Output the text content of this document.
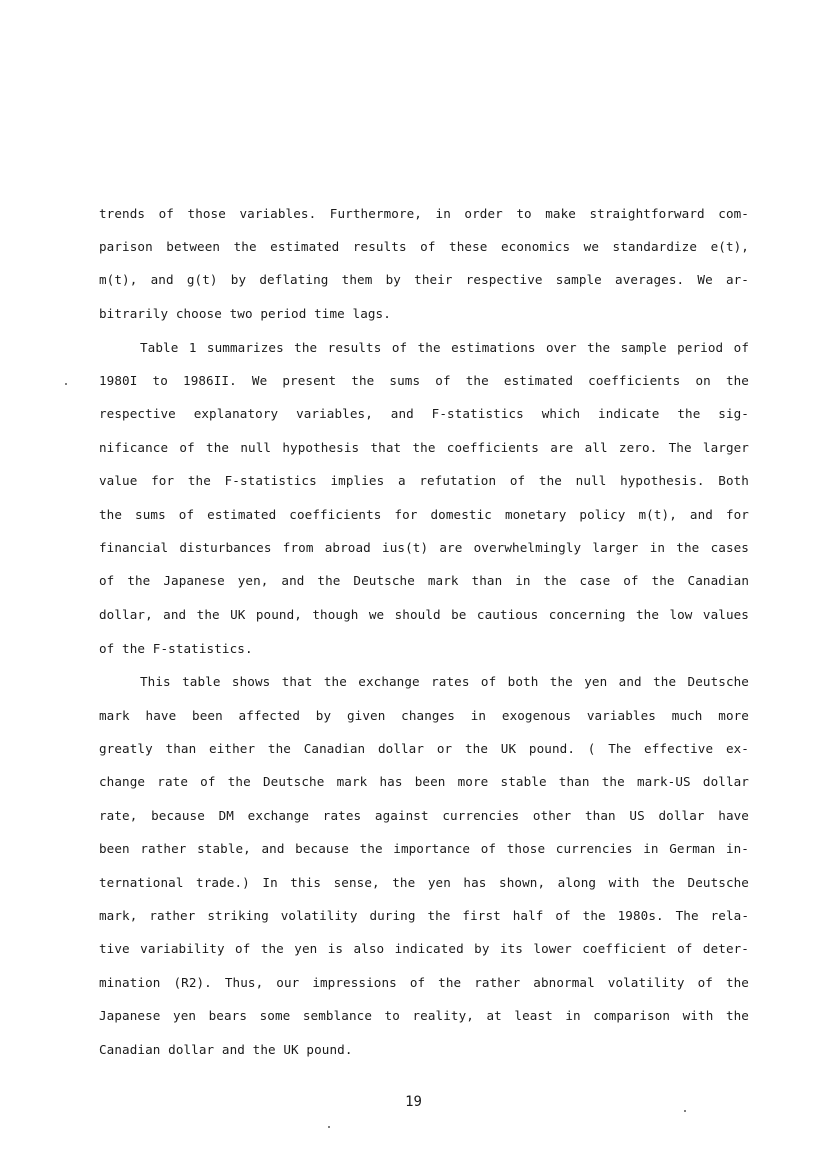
trends of those variables. Furthermore, in order to make straightforward com-
parison between the estimated results of these economics we standardize e(t),
m(t), and g(t) by deflating them by their respective sample averages. We ar-
bitrarily choose two period time lags.
Table 1 summarizes the results of the estimations over the sample period of
1980I to 1986II. We present the sums of the estimated coefficients on the
respective explanatory variables, and F-statistics which indicate the sig-
nificance of the null hypothesis that the coefficients are all zero. The larger
value for the F-statistics implies a refutation of the null hypothesis. Both
the sums of estimated coefficients for domestic monetary policy m(t), and for
financial disturbances from abroad ius(t) are overwhelmingly larger in the cases
of the Japanese yen, and the Deutsche mark than in the case of the Canadian
dollar, and the UK pound, though we should be cautious concerning the low values
of the F-statistics.
This table shows that the exchange rates of both the yen and the Deutsche
mark have been affected by given changes in exogenous variables much more
greatly than either the Canadian dollar or the UK pound. ( The effective ex-
change rate of the Deutsche mark has been more stable than the mark-US dollar
rate, because DM exchange rates against currencies other than US dollar have
been rather stable, and because the importance of those currencies in German in-
ternational trade.) In this sense, the yen has shown, along with the Deutsche
mark, rather striking volatility during the first half of the 1980s. The rela-
tive variability of the yen is also indicated by its lower coefficient of deter-
mination (R2). Thus, our impressions of the rather abnormal volatility of the
Japanese yen bears some semblance to reality, at least in comparison with the
Canadian dollar and the UK pound.
19
